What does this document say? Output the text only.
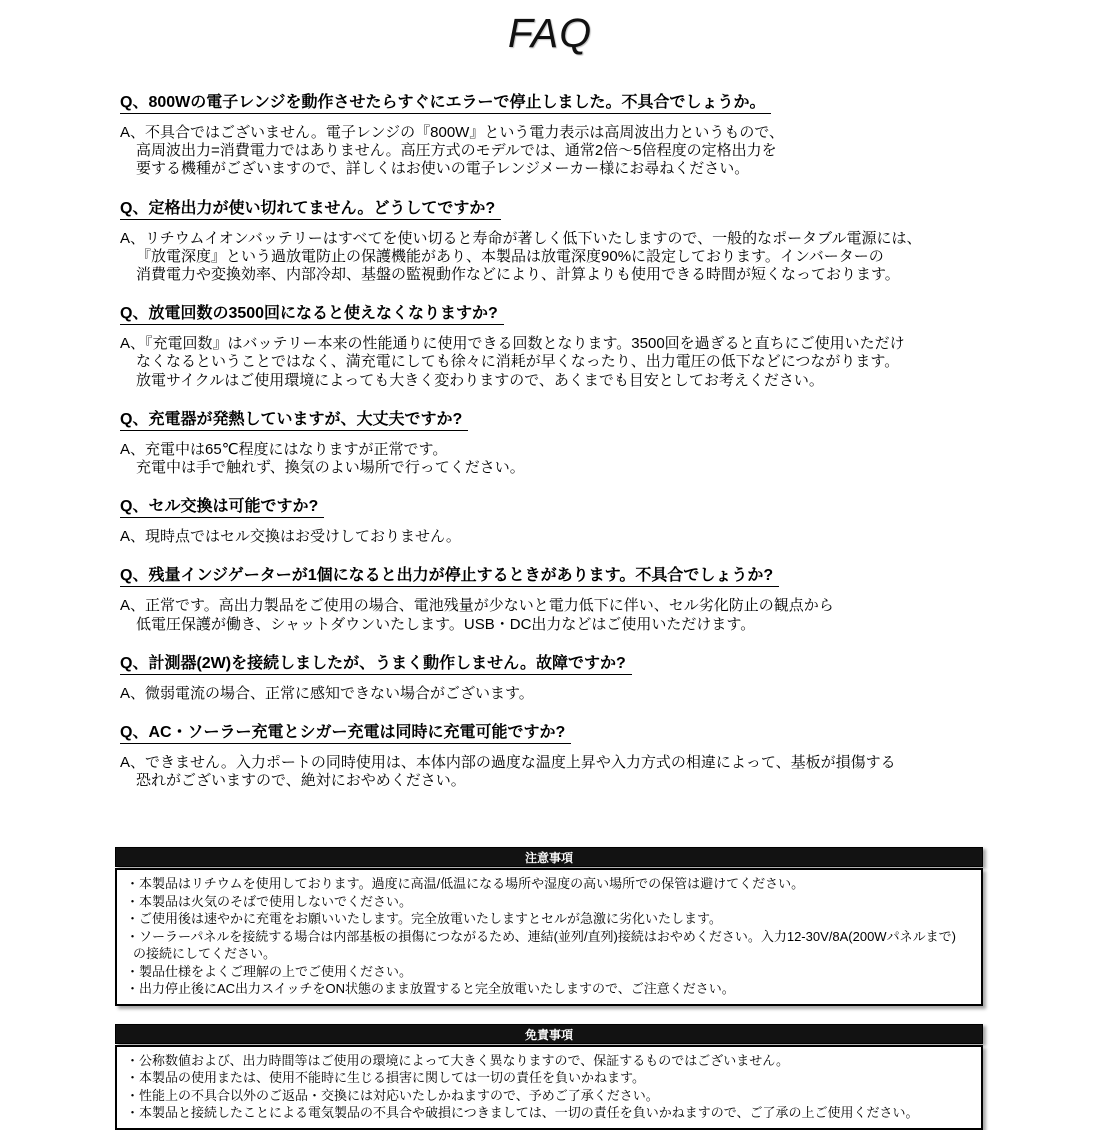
FAQ
Q、800Wの電子レンジを動作させたらすぐにエラーで停止しました。不具合でしょうか。
A、不具合ではございません。電子レンジの『800W』という電力表示は高周波出力というもので、
高周波出力=消費電力ではありません。高圧方式のモデルでは、通常2倍〜5倍程度の定格出力を
要する機種がございますので、詳しくはお使いの電子レンジメーカー様にお尋ねください。
Q、定格出力が使い切れてません。どうしてですか?
A、リチウムイオンバッテリーはすべてを使い切ると寿命が著しく低下いたしますので、一般的なポータブル電源には、
『放電深度』という過放電防止の保護機能があり、本製品は放電深度90%に設定しております。インバーターの
消費電力や変換効率、内部冷却、基盤の監視動作などにより、計算よりも使用できる時間が短くなっております。
Q、放電回数の3500回になると使えなくなりますか?
A、『充電回数』はバッテリー本来の性能通りに使用できる回数となります。3500回を過ぎると直ちにご使用いただけ
なくなるということではなく、満充電にしても徐々に消耗が早くなったり、出力電圧の低下などにつながります。
放電サイクルはご使用環境によっても大きく変わりますので、あくまでも目安としてお考えください。
Q、充電器が発熱していますが、大丈夫ですか?
A、充電中は65℃程度にはなりますが正常です。
充電中は手で触れず、換気のよい場所で行ってください。
Q、セル交換は可能ですか?
A、現時点ではセル交換はお受けしておりません。
Q、残量インジゲーターが1個になると出力が停止するときがあります。不具合でしょうか?
A、正常です。高出力製品をご使用の場合、電池残量が少ないと電力低下に伴い、セル劣化防止の観点から
低電圧保護が働き、シャットダウンいたします。USB・DC出力などはご使用いただけます。
Q、計測器(2W)を接続しましたが、うまく動作しません。故障ですか?
A、微弱電流の場合、正常に感知できない場合がございます。
Q、AC・ソーラー充電とシガー充電は同時に充電可能ですか?
A、できません。入力ポートの同時使用は、本体内部の過度な温度上昇や入力方式の相違によって、基板が損傷する
恐れがございますので、絶対におやめください。
注意事項
・本製品はリチウムを使用しております。過度に高温/低温になる場所や湿度の高い場所での保管は避けてください。
・本製品は火気のそばで使用しないでください。
・ご使用後は速やかに充電をお願いいたします。完全放電いたしますとセルが急激に劣化いたします。
・ソーラーパネルを接続する場合は内部基板の損傷につながるため、連結(並列/直列)接続はおやめください。入力12-30V/8A(200Wパネルまで)
の接続にしてください。
・製品仕様をよくご理解の上でご使用ください。
・出力停止後にAC出力スイッチをON状態のまま放置すると完全放電いたしますので、ご注意ください。
免責事項
・公称数値および、出力時間等はご使用の環境によって大きく異なりますので、保証するものではございません。
・本製品の使用または、使用不能時に生じる損害に関しては一切の責任を負いかねます。
・性能上の不具合以外のご返品・交換には対応いたしかねますので、予めご了承ください。
・本製品と接続したことによる電気製品の不具合や破損につきましては、一切の責任を負いかねますので、ご了承の上ご使用ください。
